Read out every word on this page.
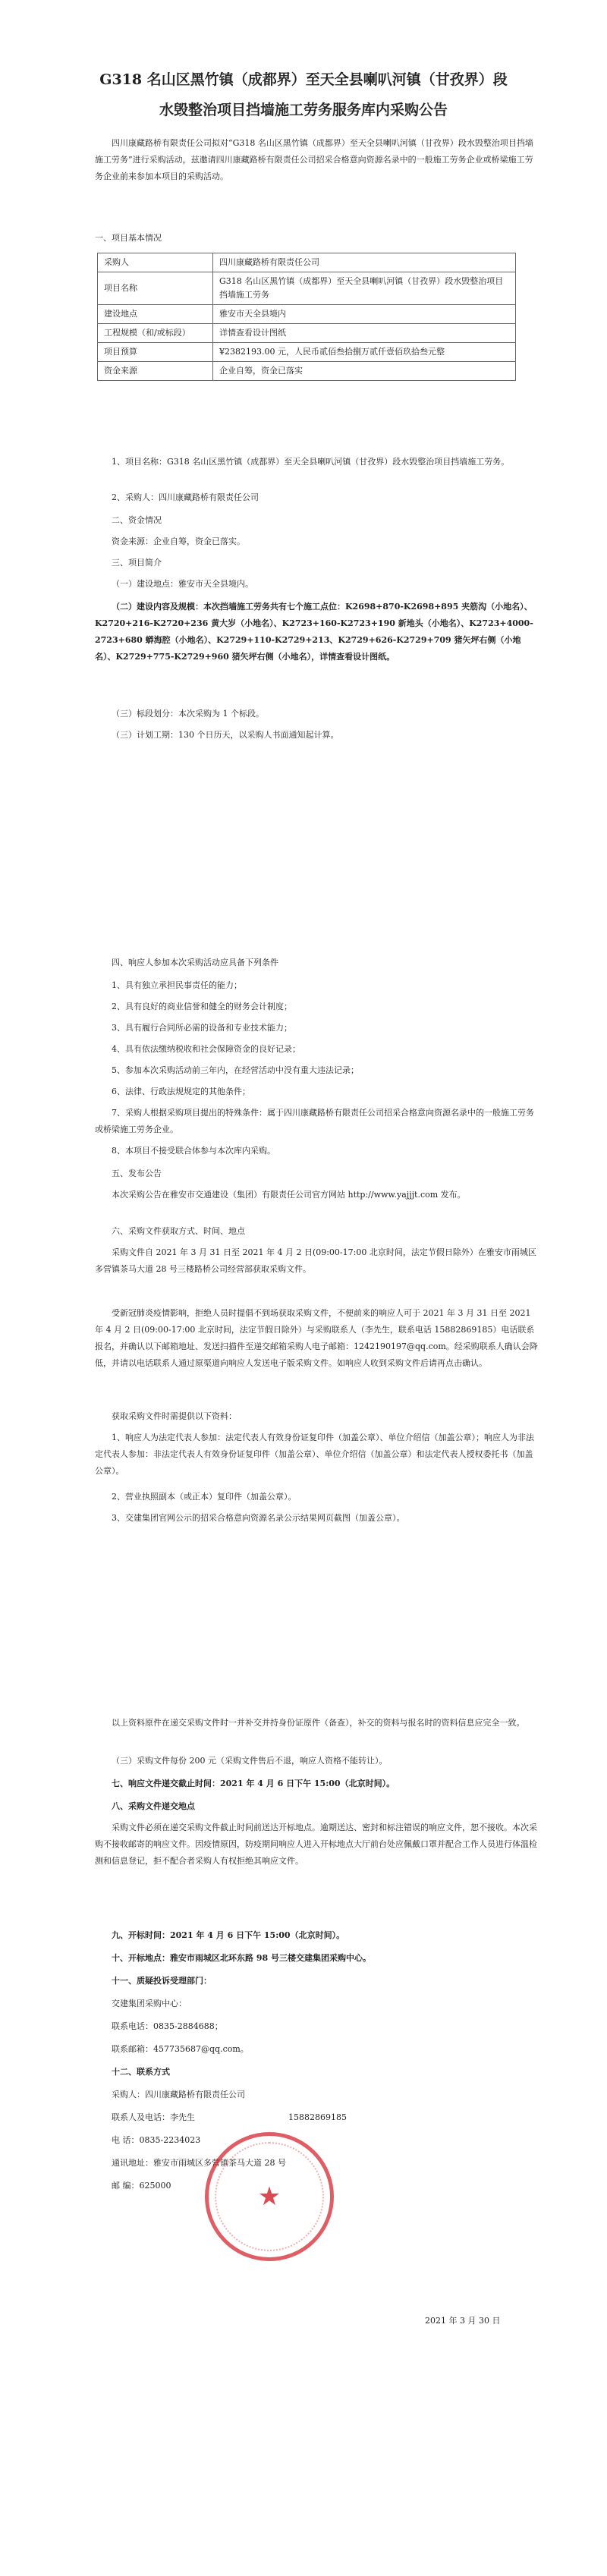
G318 名山区黑竹镇（成都界）至天全县喇叭河镇（甘孜界）段
水毁整治项目挡墙施工劳务服务库内采购公告
四川康藏路桥有限责任公司拟对“G318 名山区黑竹镇（成都界）至天全县喇叭河镇（甘孜界）段水毁整治项目挡墙施工劳务”进行采购活动，兹邀请四川康藏路桥有限责任公司招采合格意向资源名录中的一般施工劳务企业或桥梁施工劳务企业前来参加本项目的采购活动。
一、项目基本情况
采购人	四川康藏路桥有限责任公司
项目名称	G318 名山区黑竹镇（成都界）至天全县喇叭河镇（甘孜界）段水毁整治项目挡墙施工劳务
建设地点	雅安市天全县境内
工程规模（和/或标段）	详情查看设计图纸
项目预算	¥2382193.00 元，人民币贰佰叁拾捌万贰仟壹佰玖拾叁元整
资金来源	企业自筹，资金已落实
1、项目名称：G318 名山区黑竹镇（成都界）至天全县喇叭河镇（甘孜界）段水毁整治项目挡墙施工劳务。
2、采购人：四川康藏路桥有限责任公司
二、资金情况
资金来源：企业自筹，资金已落实。
三、项目简介
（一）建设地点：雅安市天全县境内。
（二）建设内容及规模：本次挡墙施工劳务共有七个施工点位：K2698+870-K2698+895 夹筋沟（小地名）、K2720+216-K2720+236 黄大岁（小地名）、K2723+160-K2723+190 新地头（小地名）、K2723+4000-2723+680 蟒海腔（小地名）、K2729+110-K2729+213、K2729+626-K2729+709 猪矢坪右侧（小地名）、K2729+775-K2729+960 猪矢坪右侧（小地名），详情查看设计图纸。
（三）标段划分：本次采购为 1 个标段。
（三）计划工期：130 个日历天，以采购人书面通知起计算。
四、响应人参加本次采购活动应具备下列条件
1、具有独立承担民事责任的能力；
2、具有良好的商业信誉和健全的财务会计制度；
3、具有履行合同所必需的设备和专业技术能力；
4、具有依法缴纳税收和社会保障资金的良好记录；
5、参加本次采购活动前三年内，在经营活动中没有重大违法记录；
6、法律、行政法规规定的其他条件；
7、采购人根据采购项目提出的特殊条件：属于四川康藏路桥有限责任公司招采合格意向资源名录中的一般施工劳务或桥梁施工劳务企业。
8、本项目不接受联合体参与本次库内采购。
五、发布公告
本次采购公告在雅安市交通建设（集团）有限责任公司官方网站 http://www.yajjjt.com 发布。
六、采购文件获取方式、时间、地点
采购文件自 2021 年 3 月 31 日至 2021 年 4 月 2 日(09:00-17:00 北京时间，法定节假日除外）在雅安市雨城区多营镇茶马大道 28 号三楼路桥公司经营部获取采购文件。
受新冠肺炎疫情影响，拒绝人员时提倡不到场获取采购文件，不便前来的响应人可于 2021 年 3 月 31 日至 2021 年 4 月 2 日(09:00-17:00 北京时间，法定节假日除外）与采购联系人（李先生，联系电话 15882869185）电话联系报名，并确认以下邮箱地址、发送扫描件至递交邮箱采购人电子邮箱：1242190197@qq.com。经采购联系人确认会降低，并请以电话联系人通过原渠道向响应人发送电子版采购文件。如响应人收到采购文件后请再点击确认。
获取采购文件时需提供以下资料：
1、响应人为法定代表人参加：法定代表人有效身份证复印件（加盖公章）、单位介绍信（加盖公章）；响应人为非法定代表人参加：非法定代表人有效身份证复印件（加盖公章）、单位介绍信（加盖公章）和法定代表人授权委托书（加盖公章）。
2、营业执照副本（或正本）复印件（加盖公章）。
3、交建集团官网公示的招采合格意向资源名录公示结果网页截图（加盖公章）。
以上资料原件在递交采购文件时一并补交并持身份证原件（备查），补交的资料与报名时的资料信息应完全一致。
（三）采购文件每份 200 元（采购文件售后不退，响应人资格不能转让）。
七、响应文件递交截止时间：2021 年 4 月 6 日下午 15:00（北京时间）。
八、采购文件递交地点
采购文件必须在递交采购文件截止时间前送达开标地点。逾期送达、密封和标注错误的响应文件，恕不接收。本次采购不接收邮寄的响应文件。因疫情原因，防疫期间响应人进入开标地点大厅前台处应佩戴口罩并配合工作人员进行体温检测和信息登记，拒不配合者采购人有权拒绝其响应文件。
九、开标时间：2021 年 4 月 6 日下午 15:00（北京时间）。
十、开标地点：雅安市雨城区北环东路 98 号三楼交建集团采购中心。
十一、质疑投诉受理部门：
交建集团采购中心：
联系电话：0835-2884688；
联系邮箱：457735687@qq.com。
十二、联系方式
采购人：四川康藏路桥有限责任公司
联系人及电话：李先生	15882869185
电 话：0835-2234023
通讯地址：雅安市雨城区多营镇茶马大道 28 号
邮 编：625000	★
2021 年 3 月 30 日
